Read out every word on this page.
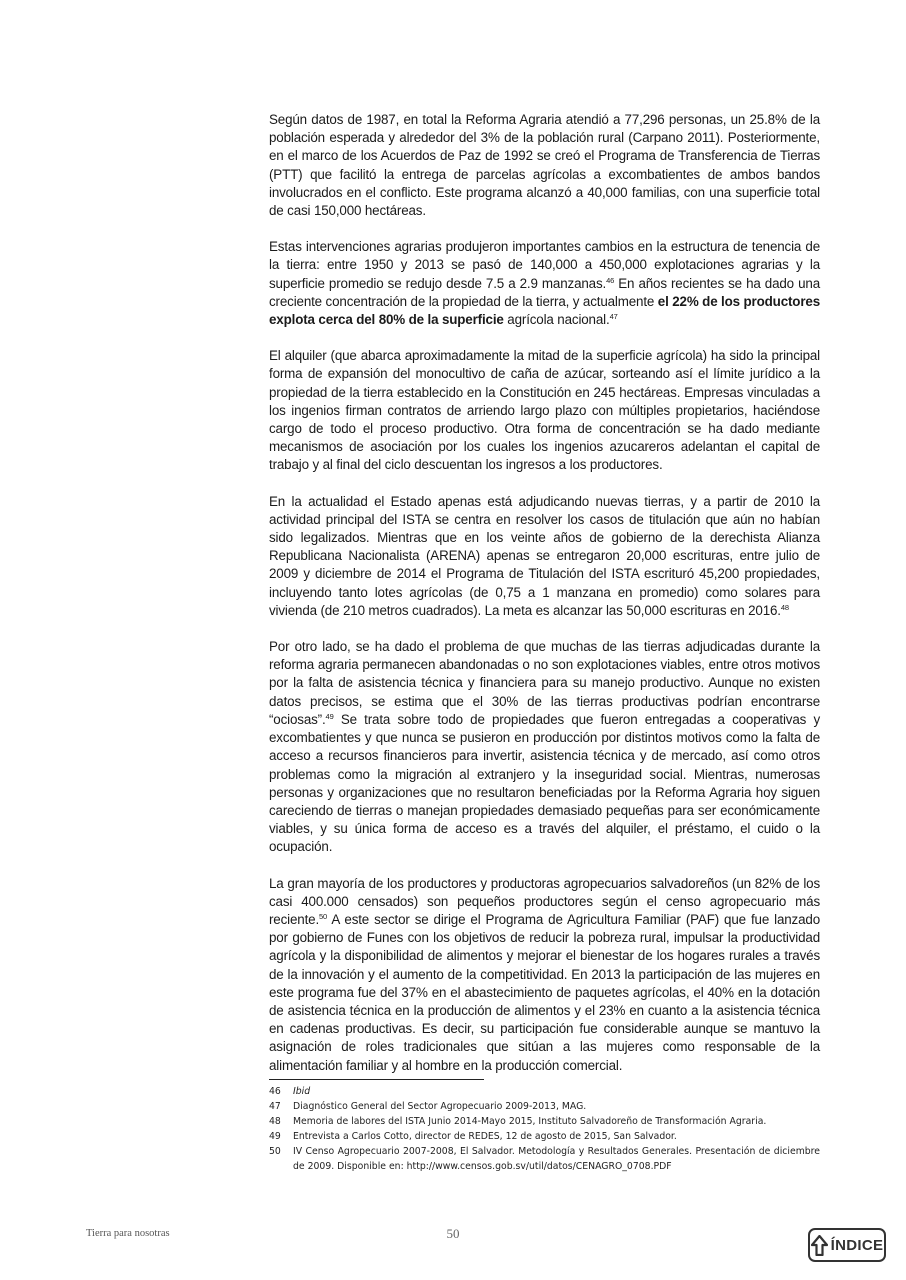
Según datos de 1987, en total la Reforma Agraria atendió a 77,296 personas, un 25.8% de la población esperada y alrededor del 3% de la población rural (Carpano 2011). Posteriormente, en el marco de los Acuerdos de Paz de 1992 se creó el Programa de Transferencia de Tierras (PTT) que facilitó la entrega de parcelas agrícolas a excombatientes de ambos bandos involucrados en el conflicto. Este programa alcanzó a 40,000 familias, con una superficie total de casi 150,000 hectáreas.

Estas intervenciones agrarias produjeron importantes cambios en la estructura de tenencia de la tierra: entre 1950 y 2013 se pasó de 140,000 a 450,000 explotaciones agrarias y la superficie promedio se redujo desde 7.5 a 2.9 manzanas.$^{46}$ En años recientes se ha dado una creciente concentración de la propiedad de la tierra, y actualmente el 22% de los productores explota cerca del 80% de la superficie agrícola nacional.$^{47}$

El alquiler (que abarca aproximadamente la mitad de la superficie agrícola) ha sido la principal forma de expansión del monocultivo de caña de azúcar, sorteando así el límite jurídico a la propiedad de la tierra establecido en la Constitución en 245 hectáreas. Empresas vinculadas a los ingenios firman contratos de arriendo largo plazo con múltiples propietarios, haciéndose cargo de todo el proceso productivo. Otra forma de concentración se ha dado mediante mecanismos de asociación por los cuales los ingenios azucareros adelantan el capital de trabajo y al final del ciclo descuentan los ingresos a los productores.

En la actualidad el Estado apenas está adjudicando nuevas tierras, y a partir de 2010 la actividad principal del ISTA se centra en resolver los casos de titulación que aún no habían sido legalizados. Mientras que en los veinte años de gobierno de la derechista Alianza Republicana Nacionalista (ARENA) apenas se entregaron 20,000 escrituras, entre julio de 2009 y diciembre de 2014 el Programa de Titulación del ISTA escrituró 45,200 propiedades, incluyendo tanto lotes agrícolas (de 0,75 a 1 manzana en promedio) como solares para vivienda (de 210 metros cuadrados). La meta es alcanzar las 50,000 escrituras en 2016.48

Por otro lado, se ha dado el problema de que muchas de las tierras adjudicadas durante la reforma agraria permanecen abandonadas o no son explotaciones viables, entre otros motivos por la falta de asistencia técnica y financiera para su manejo productivo. Aunque no existen datos precisos, se estima que el 30% de las tierras productivas podrían encontrarse “ociosas”.$^{49}$ Se trata sobre todo de propiedades que fueron entregadas a cooperativas y excombatientes y que nunca se pusieron en producción por distintos motivos como la falta de acceso a recursos financieros para invertir, asistencia técnica y de mercado, así como otros problemas como la migración al extranjero y la inseguridad social. Mientras, numerosas personas y organizaciones que no resultaron beneficiadas por la Reforma Agraria hoy siguen careciendo de tierras o manejan propiedades demasiado pequeñas para ser económicamente viables, y su única forma de acceso es a través del alquiler, el préstamo, el cuido o la ocupación.

La gran mayoría de los productores y productoras agropecuarios salvadoreños (un 82% de los casi 400.000 censados) son pequeños productores según el censo agropecuario más reciente.$^{50}$ A este sector se dirige el Programa de Agricultura Familiar (PAF) que fue lanzado por gobierno de Funes con los objetivos de reducir la pobreza rural, impulsar la productividad agrícola y la disponibilidad de alimentos y mejorar el bienestar de los hogares rurales a través de la innovación y el aumento de la competitividad. En 2013 la participación de las mujeres en este programa fue del 37% en el abastecimiento de paquetes agrícolas, el 40% en la dotación de asistencia técnica en la producción de alimentos y el 23% en cuanto a la asistencia técnica en cadenas productivas. Es decir, su participación fue considerable aunque se mantuvo la asignación de roles tradicionales que sitúan a las mujeres como responsable de la alimentación familiar y al hombre en la producción comercial.

46	Ibid
47	Diagnóstico General del Sector Agropecuario 2009-2013, MAG.
48	Memoria de labores del ISTA Junio 2014-Mayo 2015, Instituto Salvadoreño de Transformación Agraria.
49	Entrevista a Carlos Cotto, director de REDES, 12 de agosto de 2015, San Salvador.
50	IV Censo Agropecuario 2007-2008, El Salvador. Metodología y Resultados Generales. Presentación de diciembre de 2009. Disponible en: http://www.censos.gob.sv/util/datos/CENAGRO_0708.PDF
Tierra para nosotras	50
ÍNDICE
